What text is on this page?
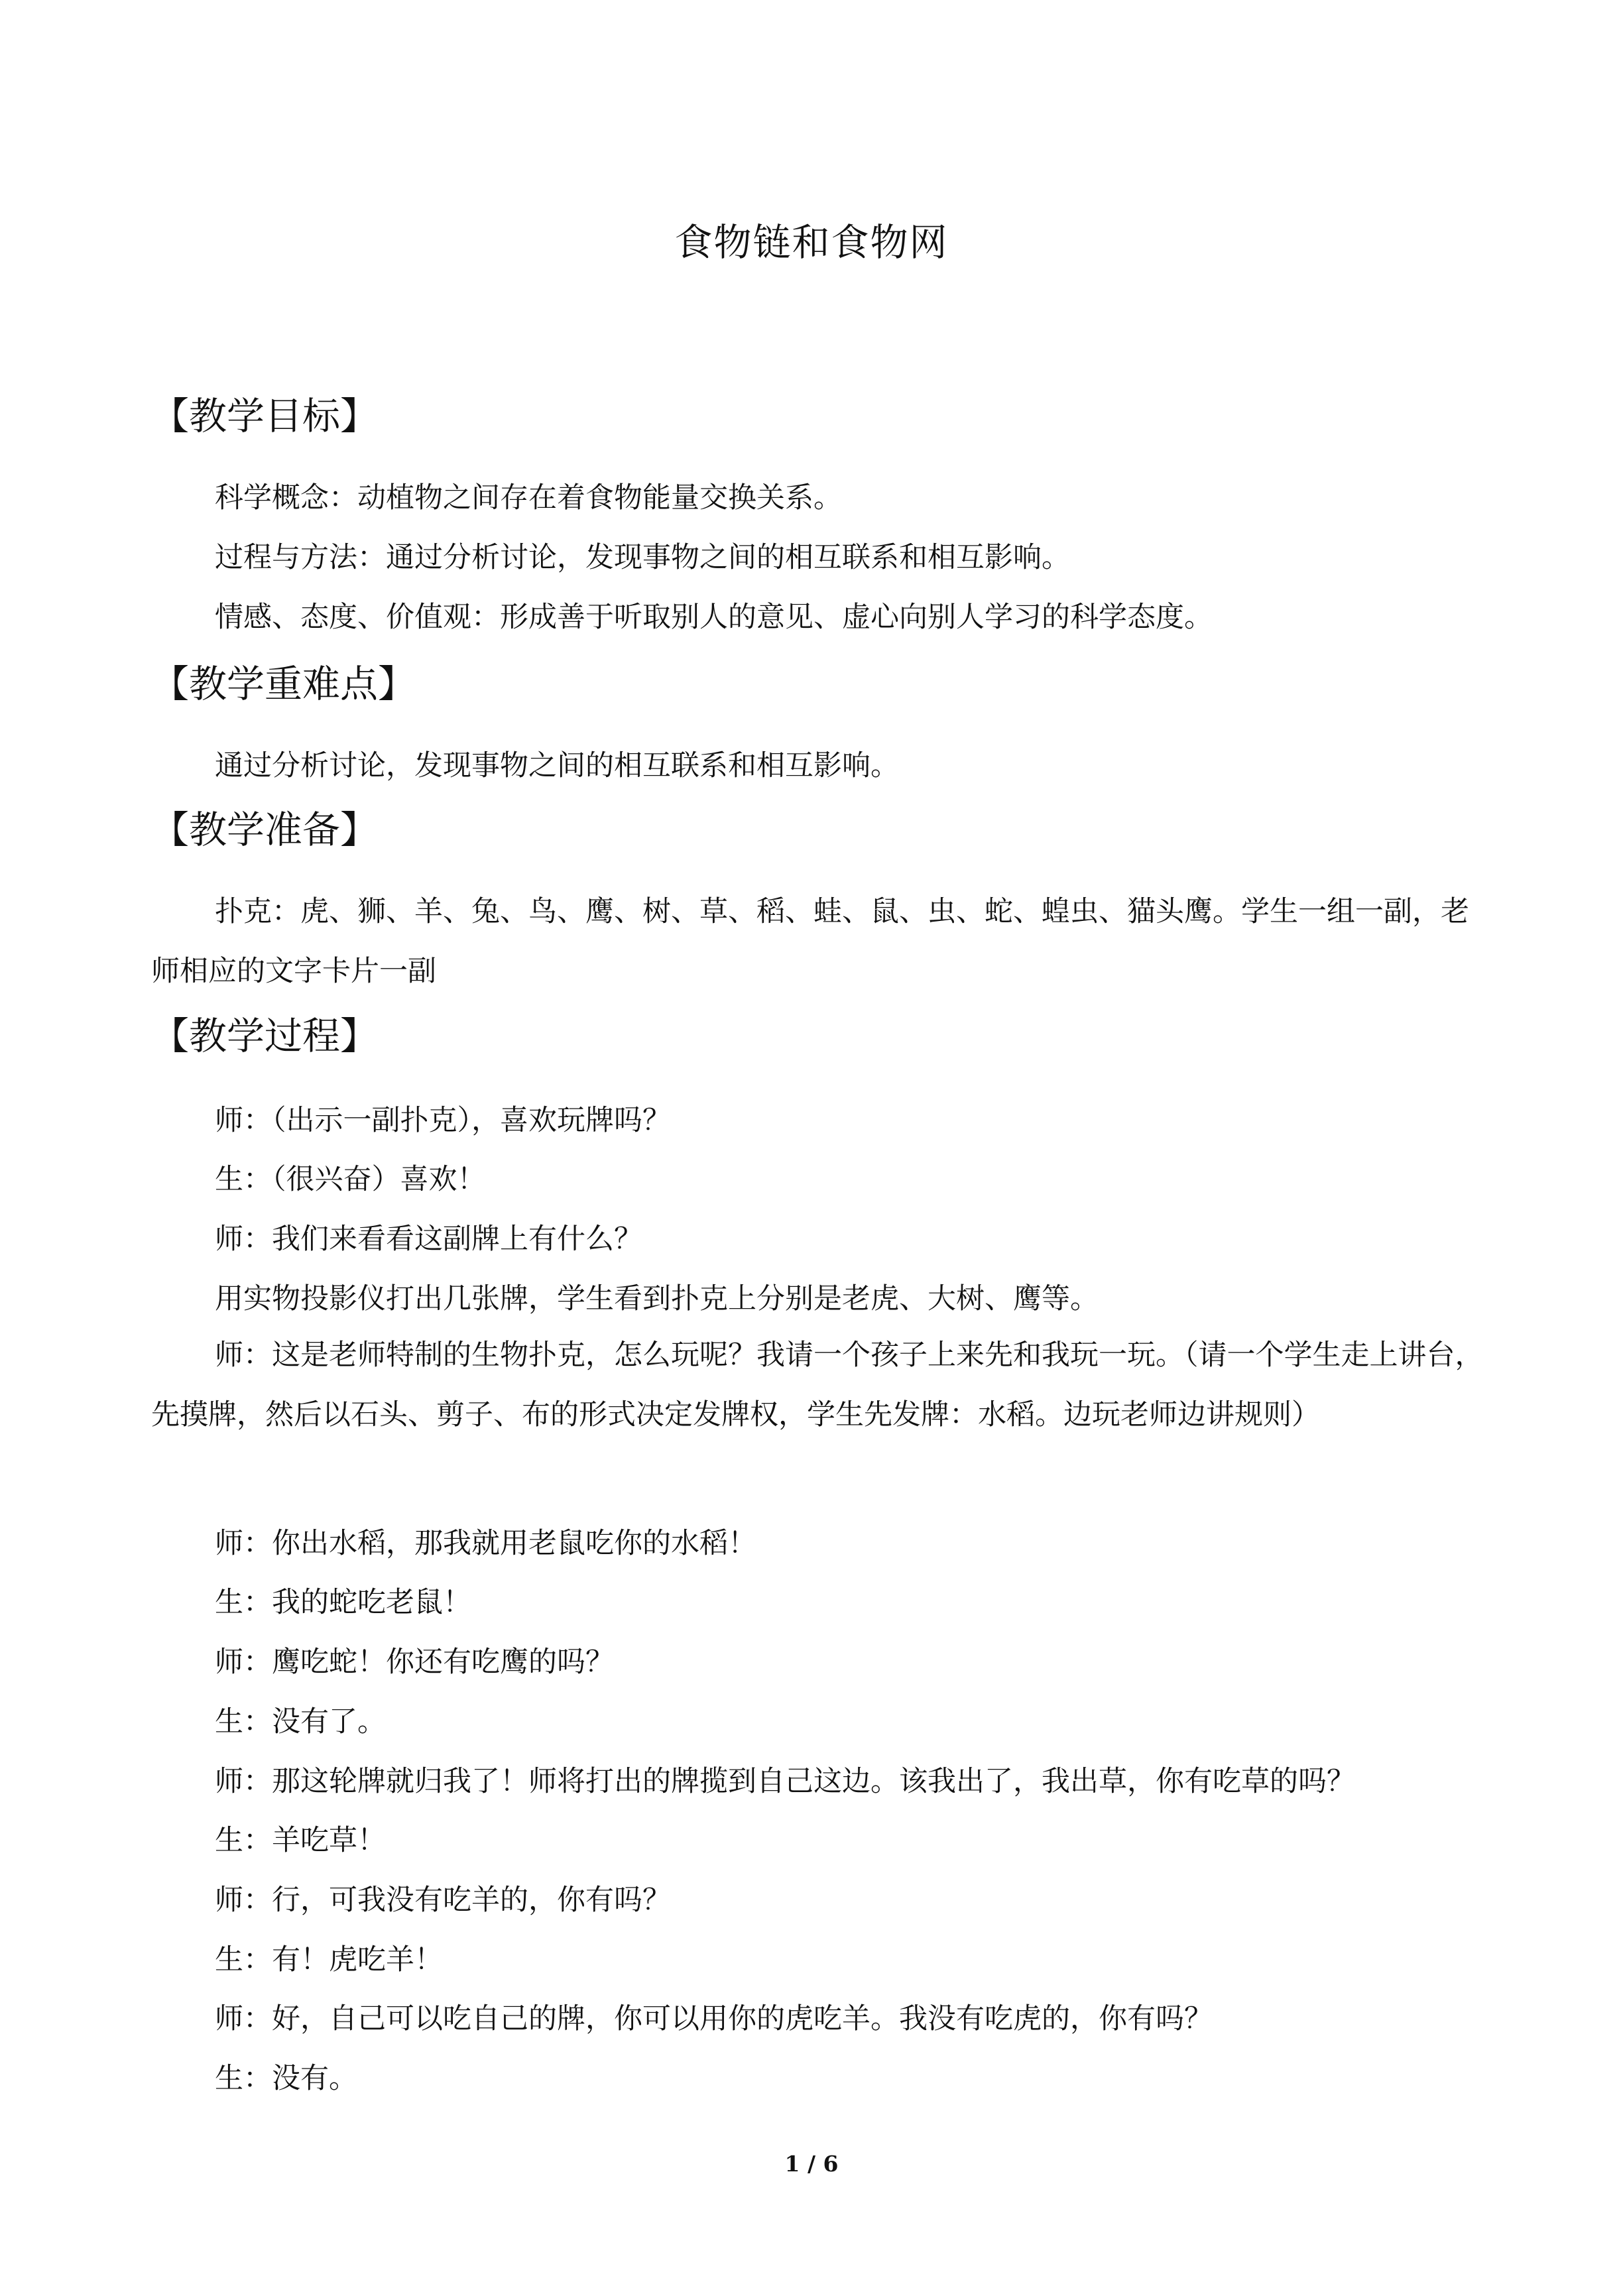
食物链和食物网
【教学目标】

科学概念：动植物之间存在着食物能量交换关系。

过程与方法：通过分析讨论，发现事物之间的相互联系和相互影响。

情感、态度、价值观：形成善于听取别人的意见、虚心向别人学习的科学态度。

【教学重难点】

通过分析讨论，发现事物之间的相互联系和相互影响。

【教学准备】

扑克：虎、狮、羊、兔、鸟、鹰、树、草、稻、蛙、鼠、虫、蛇、蝗虫、猫头鹰。学生一组一副，老师相应的文字卡片一副

【教学过程】

师：（出示一副扑克），喜欢玩牌吗？

生：（很兴奋）喜欢！

师：我们来看看这副牌上有什么？

用实物投影仪打出几张牌，学生看到扑克上分别是老虎、大树、鹰等。

师：这是老师特制的生物扑克，怎么玩呢？我请一个孩子上来先和我玩一玩。（请一个学生走上讲台，先摸牌，然后以石头、剪子、布的形式决定发牌权，学生先发牌：水稻。边玩老师边讲规则）

师：你出水稻，那我就用老鼠吃你的水稻！

生：我的蛇吃老鼠！

师：鹰吃蛇！你还有吃鹰的吗？

生：没有了。

师：那这轮牌就归我了！师将打出的牌揽到自己这边。该我出了，我出草，你有吃草的吗？

生：羊吃草！

师：行，可我没有吃羊的，你有吗？

生：有！虎吃羊！

师：好，自己可以吃自己的牌，你可以用你的虎吃羊。我没有吃虎的，你有吗？

生：没有。

1 / 6
